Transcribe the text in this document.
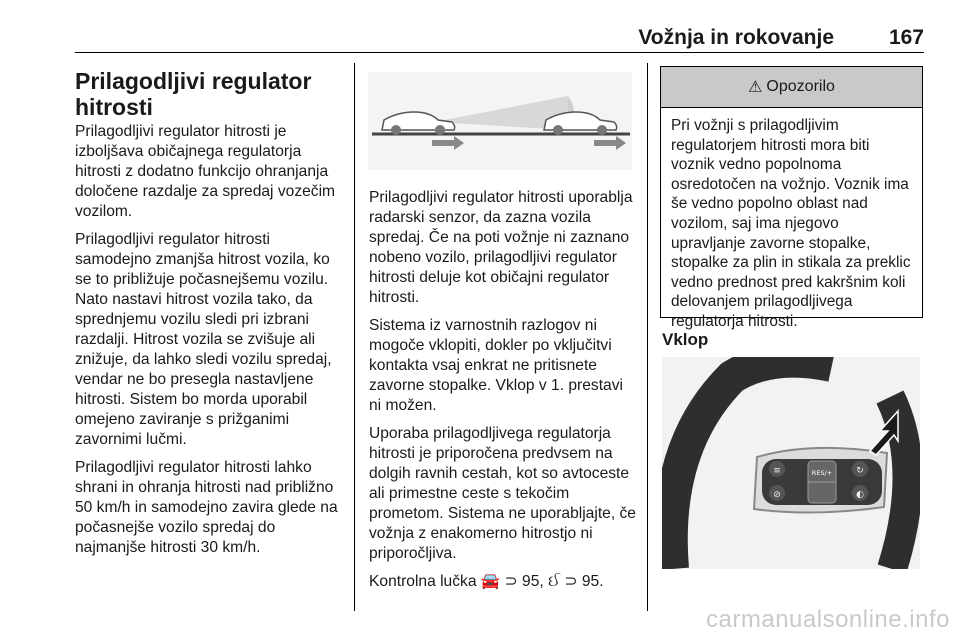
Vožnja in rokovanje	167
Prilagodljivi regulator hitrosti

Prilagodljivi regulator hitrosti je izboljšava običajnega regulatorja hitrosti z dodatno funkcijo ohranjanja določene razdalje za spredaj vozečim vozilom.

Prilagodljivi regulator hitrosti samodejno zmanjša hitrost vozila, ko se to približuje počasnejšemu vozilu. Nato nastavi hitrost vozila tako, da sprednjemu vozilu sledi pri izbrani razdalji. Hitrost vozila se zvišuje ali znižuje, da lahko sledi vozilu spredaj, vendar ne bo presegla nastavljene hitrosti. Sistem bo morda uporabil omejeno zaviranje s prižganimi zavornimi lučmi.

Prilagodljivi regulator hitrosti lahko shrani in ohranja hitrosti nad približno 50 km/h in samodejno zavira glede na počasnejše vozilo spredaj do najmanjše hitrosti 30 km/h.

Prilagodljivi regulator hitrosti uporablja radarski senzor, da zazna vozila spredaj. Če na poti vožnje ni zaznano nobeno vozilo, prilagodljivi regulator hitrosti deluje kot običajni regulator hitrosti.

Sistema iz varnostnih razlogov ni mogoče vklopiti, dokler po vključitvi kontakta vsaj enkrat ne pritisnete zavorne stopalke. Vklop v 1. prestavi ni možen.

Uporaba prilagodljivega regulatorja hitrosti je priporočena predvsem na dolgih ravnih cestah, kot so avtoceste ali primestne ceste s tekočim prometom. Sistema ne uporabljajte, če vožnja z enakomerno hitrostjo ni priporočljiva.

Kontrolna lučka 🚘 ⊃ 95, ઈ ⊃ 95.

⚠ Opozorilo
Pri vožnji s prilagodljivim regulatorjem hitrosti mora biti voznik vedno popolnoma osredotočen na vožnjo. Voznik ima še vedno popolno oblast nad vozilom, saj ima njegovo upravljanje zavorne stopalke, stopalke za plin in stikala za preklic vedno prednost pred kakršnim koli delovanjem prilagodljivega regulatorja hitrosti.
Vklop
≡
⊘
RES/+	↻
◐
carmanualsonline.info
